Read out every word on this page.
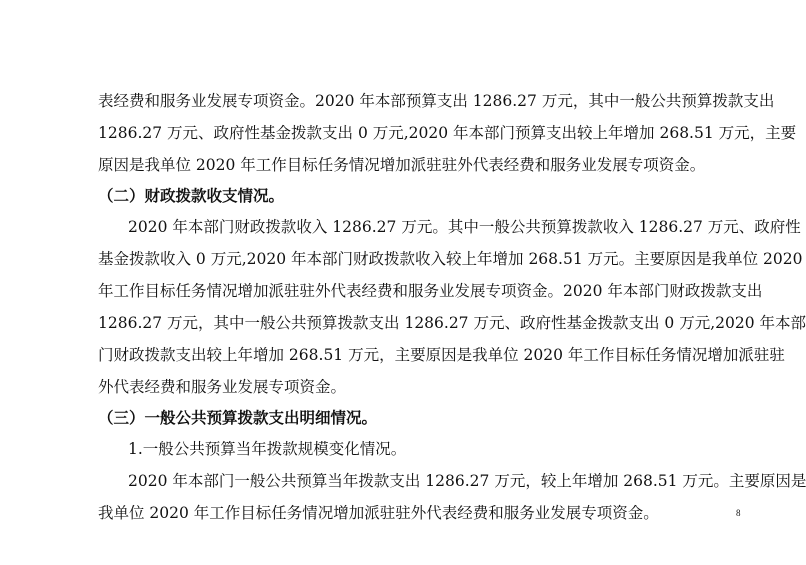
表经费和服务业发展专项资金。2020 年本部预算支出 1286.27 万元，其中一般公共预算拨款支出
1286.27 万元、政府性基金拨款支出 0 万元,2020 年本部门预算支出较上年增加 268.51 万元，主要
原因是我单位 2020 年工作目标任务情况增加派驻驻外代表经费和服务业发展专项资金。
（二）财政拨款收支情况。
2020 年本部门财政拨款收入 1286.27 万元。其中一般公共预算拨款收入 1286.27 万元、政府性
基金拨款收入 0 万元,2020 年本部门财政拨款收入较上年增加 268.51 万元。主要原因是我单位 2020
年工作目标任务情况增加派驻驻外代表经费和服务业发展专项资金。2020 年本部门财政拨款支出
1286.27 万元，其中一般公共预算拨款支出 1286.27 万元、政府性基金拨款支出 0 万元,2020 年本部
门财政拨款支出较上年增加 268.51 万元，主要原因是我单位 2020 年工作目标任务情况增加派驻驻
外代表经费和服务业发展专项资金。
（三）一般公共预算拨款支出明细情况。
1.一般公共预算当年拨款规模变化情况。
2020 年本部门一般公共预算当年拨款支出 1286.27 万元，较上年增加 268.51 万元。主要原因是
我单位 2020 年工作目标任务情况增加派驻驻外代表经费和服务业发展专项资金。	8
